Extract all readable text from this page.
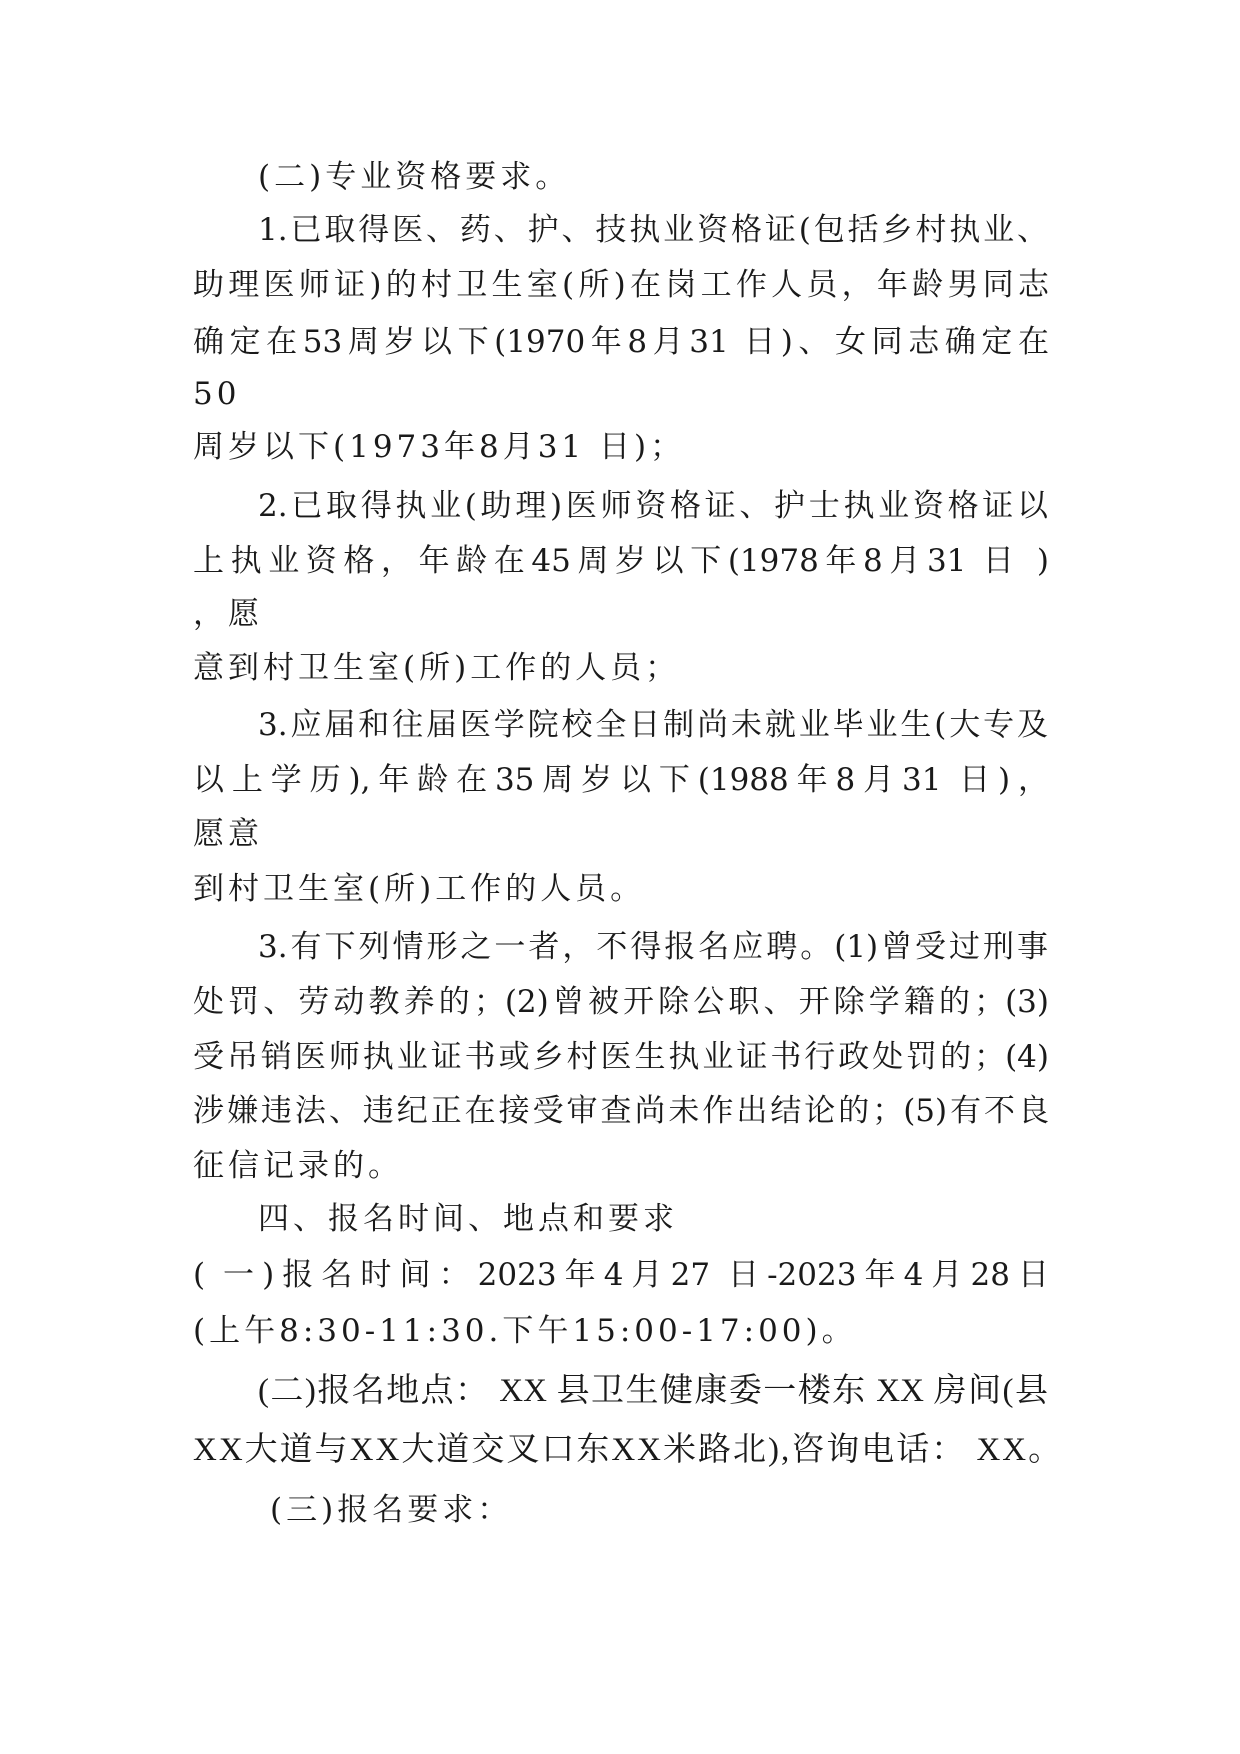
(二)专业资格要求。
1.已取得医、药、护、技执业资格证(包括乡村执业、
助理医师证)的村卫生室(所)在岗工作人员，年龄男同志
确定在53周岁以下(1970年8月31 日)、女同志确定在
50
周岁以下(1973年8月31 日)；
2.已取得执业(助理)医师资格证、护士执业资格证以
上执业资格，年龄在45周岁以下(1978年8月31 日 )
，愿
意到村卫生室(所)工作的人员；
3.应届和往届医学院校全日制尚未就业毕业生(大专及
以上学历),年龄在35周岁以下(1988年8月31 日)，
愿意
到村卫生室(所)工作的人员。
3.有下列情形之一者，不得报名应聘。(1)曾受过刑事
处罚、劳动教养的；(2)曾被开除公职、开除学籍的；(3)
受吊销医师执业证书或乡村医生执业证书行政处罚的；(4)
涉嫌违法、违纪正在接受审查尚未作出结论的；(5)有不良
征信记录的。
四、报名时间、地点和要求
( 一)报名时间：2023年4月27 日-2023年4月28日
(上午8:30-11:30.下午15:00-17:00)。
(二)报名地点： XX 县卫生健康委一楼东 XX 房间(县
XX大道与XX大道交叉口东XX米路北),咨询电话： XX。
(三)报名要求：
